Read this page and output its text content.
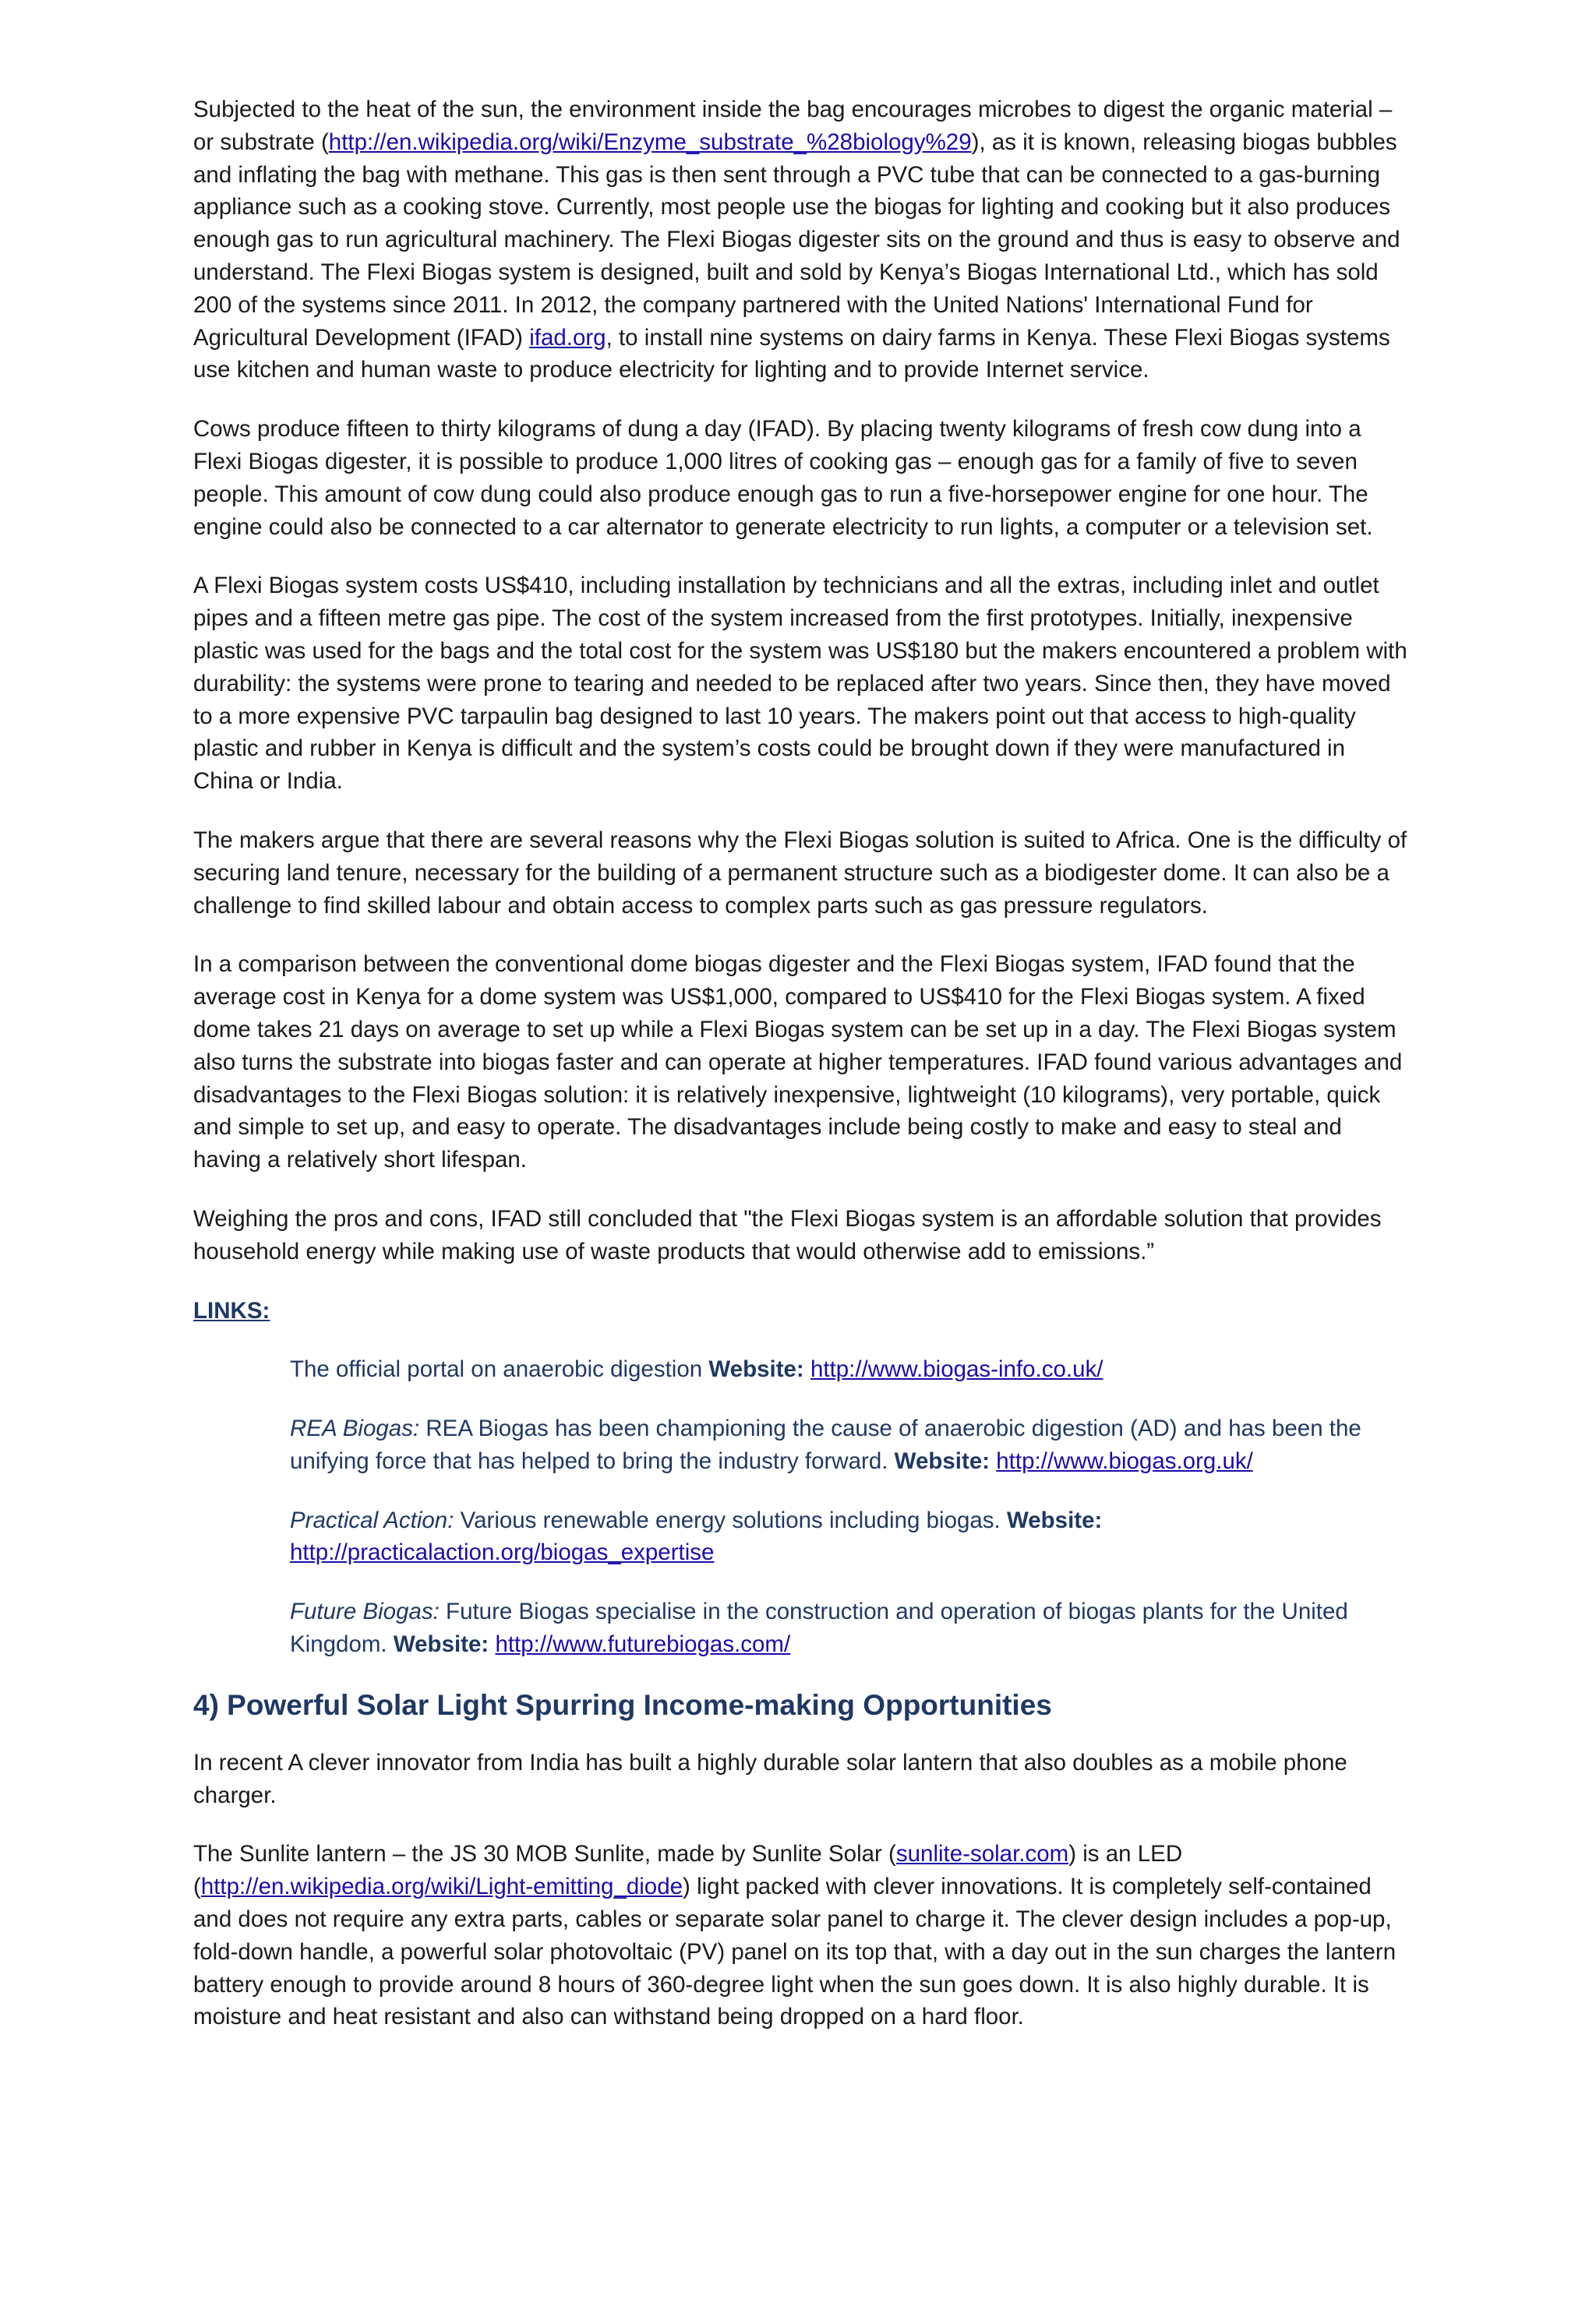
Subjected to the heat of the sun, the environment inside the bag encourages microbes to digest the organic material – or substrate (http://en.wikipedia.org/wiki/Enzyme_substrate_%28biology%29), as it is known, releasing biogas bubbles and inflating the bag with methane. This gas is then sent through a PVC tube that can be connected to a gas-burning appliance such as a cooking stove. Currently, most people use the biogas for lighting and cooking but it also produces enough gas to run agricultural machinery. The Flexi Biogas digester sits on the ground and thus is easy to observe and understand. The Flexi Biogas system is designed, built and sold by Kenya’s Biogas International Ltd., which has sold 200 of the systems since 2011. In 2012, the company partnered with the United Nations' International Fund for Agricultural Development (IFAD) ifad.org, to install nine systems on dairy farms in Kenya. These Flexi Biogas systems use kitchen and human waste to produce electricity for lighting and to provide Internet service.

Cows produce fifteen to thirty kilograms of dung a day (IFAD). By placing twenty kilograms of fresh cow dung into a Flexi Biogas digester, it is possible to produce 1,000 litres of cooking gas – enough gas for a family of five to seven people. This amount of cow dung could also produce enough gas to run a five-horsepower engine for one hour. The engine could also be connected to a car alternator to generate electricity to run lights, a computer or a television set.

A Flexi Biogas system costs US$410, including installation by technicians and all the extras, including inlet and outlet pipes and a fifteen metre gas pipe. The cost of the system increased from the first prototypes. Initially, inexpensive plastic was used for the bags and the total cost for the system was US$180 but the makers encountered a problem with durability: the systems were prone to tearing and needed to be replaced after two years. Since then, they have moved to a more expensive PVC tarpaulin bag designed to last 10 years. The makers point out that access to high-quality plastic and rubber in Kenya is difficult and the system’s costs could be brought down if they were manufactured in China or India.

The makers argue that there are several reasons why the Flexi Biogas solution is suited to Africa. One is the difficulty of securing land tenure, necessary for the building of a permanent structure such as a biodigester dome. It can also be a challenge to find skilled labour and obtain access to complex parts such as gas pressure regulators.

In a comparison between the conventional dome biogas digester and the Flexi Biogas system, IFAD found that the average cost in Kenya for a dome system was US$1,000, compared to US$410 for the Flexi Biogas system. A fixed dome takes 21 days on average to set up while a Flexi Biogas system can be set up in a day. The Flexi Biogas system also turns the substrate into biogas faster and can operate at higher temperatures. IFAD found various advantages and disadvantages to the Flexi Biogas solution: it is relatively inexpensive, lightweight (10 kilograms), very portable, quick and simple to set up, and easy to operate. The disadvantages include being costly to make and easy to steal and having a relatively short lifespan.

Weighing the pros and cons, IFAD still concluded that "the Flexi Biogas system is an affordable solution that provides household energy while making use of waste products that would otherwise add to emissions.”

LINKS:
The official portal on anaerobic digestion Website: http://www.biogas-info.co.uk/
REA Biogas: REA Biogas has been championing the cause of anaerobic digestion (AD) and has been the unifying force that has helped to bring the industry forward. Website: http://www.biogas.org.uk/
Practical Action: Various renewable energy solutions including biogas. Website:
http://practicalaction.org/biogas_expertise
Future Biogas: Future Biogas specialise in the construction and operation of biogas plants for the United Kingdom. Website: http://www.futurebiogas.com/
4) Powerful Solar Light Spurring Income-making Opportunities

In recent A clever innovator from India has built a highly durable solar lantern that also doubles as a mobile phone charger.

The Sunlite lantern – the JS 30 MOB Sunlite, made by Sunlite Solar (sunlite-solar.com) is an LED (http://en.wikipedia.org/wiki/Light-emitting_diode) light packed with clever innovations. It is completely self-contained and does not require any extra parts, cables or separate solar panel to charge it. The clever design includes a pop-up, fold-down handle, a powerful solar photovoltaic (PV) panel on its top that, with a day out in the sun charges the lantern battery enough to provide around 8 hours of 360-degree light when the sun goes down. It is also highly durable. It is moisture and heat resistant and also can withstand being dropped on a hard floor.
